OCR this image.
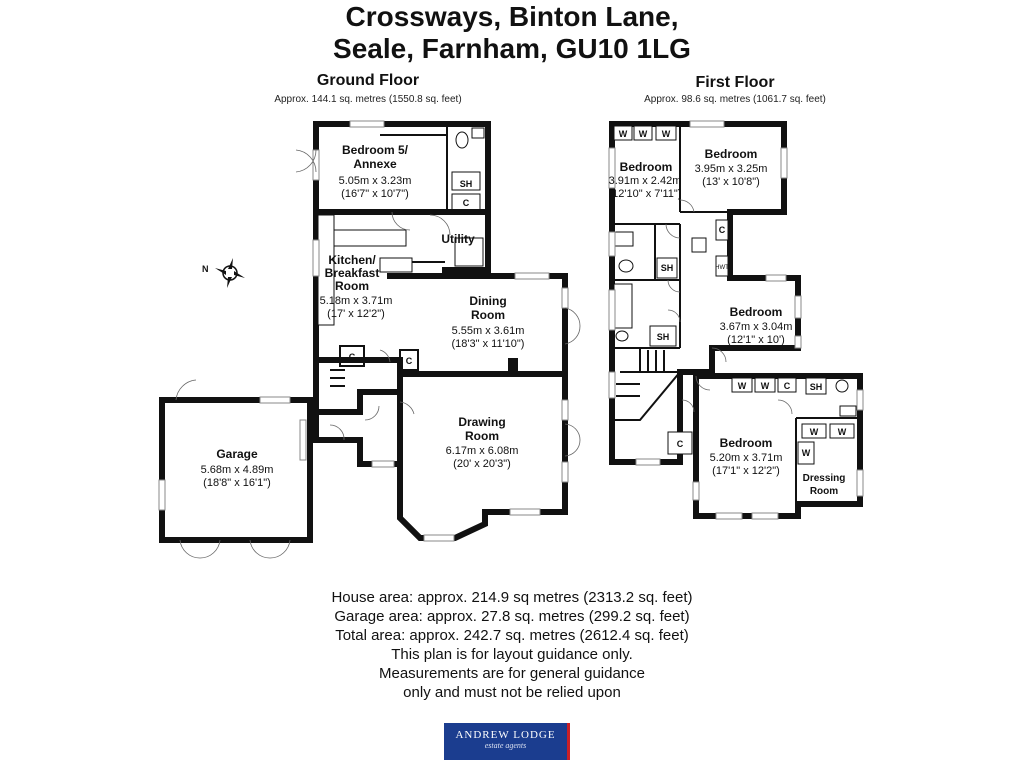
Crossways, Binton Lane,
Seale, Farnham, GU10 1LG
Ground Floor
Approx. 144.1 sq. metres (1550.8 sq. feet)
First Floor
Approx. 98.6 sq. metres (1061.7 sq. feet)
N
Bedroom 5/
Annexe
5.05m x 3.23m
(16'7" x 10'7")
SH
C
Utility
Kitchen/
Breakfast
Room
5.18m x 3.71m
(17' x 12'2")
C	C
Dining
Room
5.55m x 3.61m
(18'3" x 11'10")
Drawing
Room
6.17m x 6.08m
(20' x 20'3")
Garage
5.68m x 4.89m
(18'8" x 16'1")
W W W
Bedroom
3.91m x 2.42m
(12'10" x 7'11")
Bedroom
3.95m x 3.25m
(13' x 10'8")
C
HWT
SH
SH
Bedroom
3.67m x 3.04m
(12'1" x 10')
W W C SH
C
W W
W
Bedroom
5.20m x 3.71m
(17'1" x 12'2")
Dressing
Room
House area: approx. 214.9 sq metres (2313.2 sq. feet)
Garage area: approx. 27.8 sq. metres (299.2 sq. feet)
Total area: approx. 242.7 sq. metres (2612.4 sq. feet)
This plan is for layout guidance only.
Measurements are for general guidance
only and must not be relied upon
ANDREW LODGE
estate agents
